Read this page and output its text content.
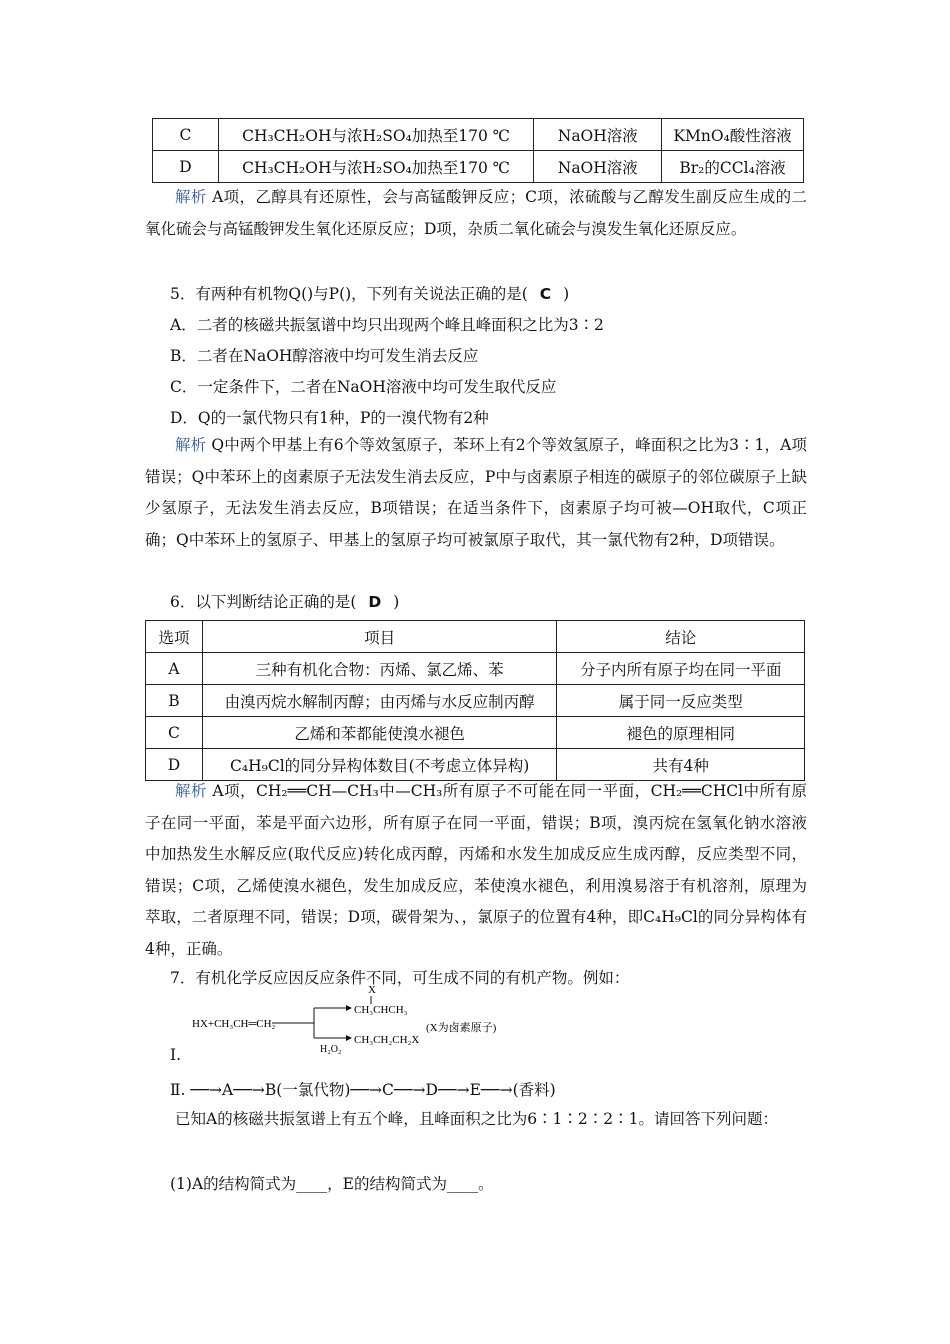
C	CH₃CH₂OH与浓H₂SO₄加热至170 ℃	NaOH溶液	KMnO₄酸性溶液
D	CH₃CH₂OH与浓H₂SO₄加热至170 ℃	NaOH溶液	Br₂的CCl₄溶液
解析 A项，乙醇具有还原性，会与高锰酸钾反应；C项，浓硫酸与乙醇发生副反应生成的二氧化硫会与高锰酸钾发生氧化还原反应；D项，杂质二氧化硫会与溴发生氧化还原反应。
5．有两种有机物Q()与P()，下列有关说法正确的是( C )
A．二者的核磁共振氢谱中均只出现两个峰且峰面积之比为3∶2
B．二者在NaOH醇溶液中均可发生消去反应
C．一定条件下，二者在NaOH溶液中均可发生取代反应
D．Q的一氯代物只有1种，P的一溴代物有2种
解析 Q中两个甲基上有6个等效氢原子，苯环上有2个等效氢原子，峰面积之比为3∶1，A项错误；Q中苯环上的卤素原子无法发生消去反应，P中与卤素原子相连的碳原子的邻位碳原子上缺少氢原子，无法发生消去反应，B项错误；在适当条件下，卤素原子均可被—OH取代，C项正确；Q中苯环上的氢原子、甲基上的氢原子均可被氯原子取代，其一氯代物有2种，D项错误。
6．以下判断结论正确的是( D )
选项	项目	结论
A	三种有机化合物：丙烯、氯乙烯、苯	分子内所有原子均在同一平面
B	由溴丙烷水解制丙醇；由丙烯与水反应制丙醇	属于同一反应类型
C	乙烯和苯都能使溴水褪色	褪色的原理相同
D	C₄H₉Cl的同分异构体数目(不考虑立体异构)	共有4种
解析 A项，CH₂══CH—CH₃中—CH₃所有原子不可能在同一平面，CH₂══CHCl中所有原子在同一平面，苯是平面六边形，所有原子在同一平面，错误；B项，溴丙烷在氢氧化钠水溶液中加热发生水解反应(取代反应)转化成丙醇，丙烯和水发生加成反应生成丙醇，反应类型不同，错误；C项，乙烯使溴水褪色，发生加成反应，苯使溴水褪色，利用溴易溶于有机溶剂，原理为萃取，二者原理不同，错误；D项，碳骨架为、，氯原子的位置有4种，即C₄H₉Cl的同分异构体有4种，正确。
7．有机化学反应因反应条件不同，可生成不同的有机产物。例如：
HX+CH₃CH═CH₂
X
CH₃CHCH₃
CH₃CH₂CH₂X
H₂O₂
(X为卤素原子)
Ⅰ.
Ⅱ. ──→A──→B(一氯代物)──→C──→D──→E──→(香料)
已知A的核磁共振氢谱上有五个峰，且峰面积之比为6∶1∶2∶2∶1。请回答下列问题：
(1)A的结构简式为____，E的结构简式为____。
